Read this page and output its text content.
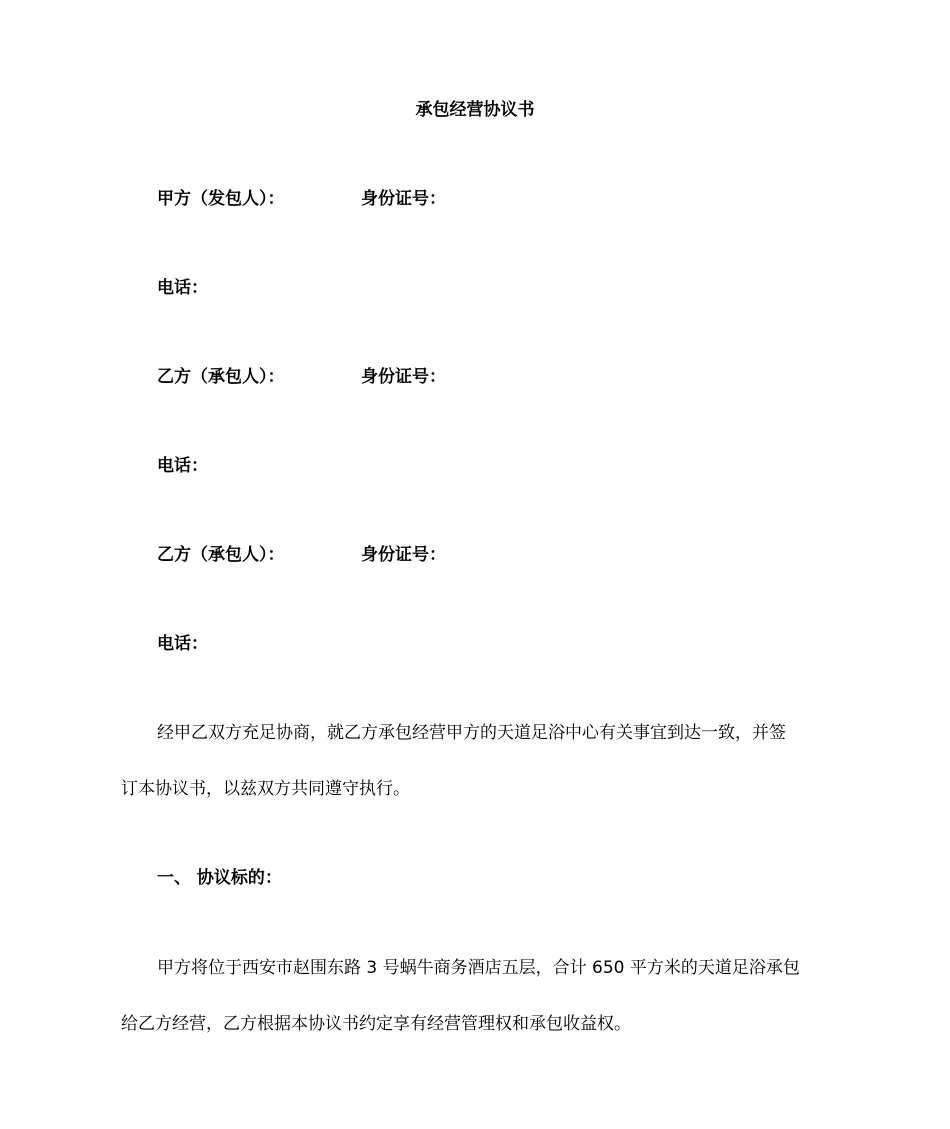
承包经营协议书
甲方（发包人）：	身份证号：
电话：
乙方（承包人）：	身份证号：
电话：
乙方（承包人）：	身份证号：
电话：
经甲乙双方充足协商，就乙方承包经营甲方的天道足浴中心有关事宜到达一致，并签
订本协议书，以兹双方共同遵守执行。
一、 协议标的：
甲方将位于西安市赵围东路 3 号蜗牛商务酒店五层，合计 650 平方米的天道足浴承包
给乙方经营，乙方根据本协议书约定享有经营管理权和承包收益权。
